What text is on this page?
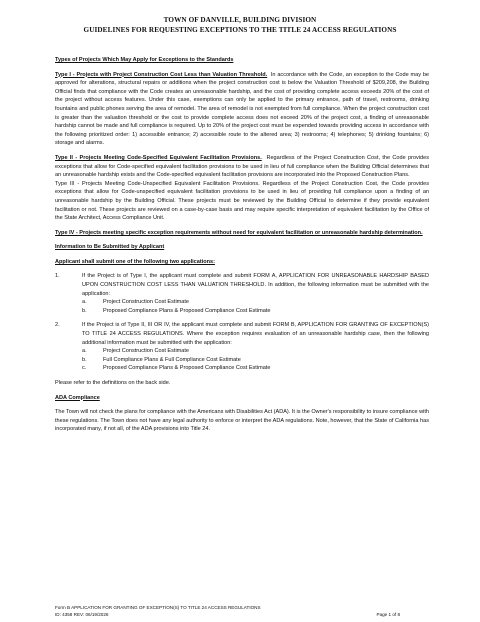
TOWN OF DANVILLE, BUILDING DIVISION
GUIDELINES FOR REQUESTING EXCEPTIONS TO THE TITLE 24 ACCESS REGULATIONS

Types of Projects Which May Apply for Exceptions to the Standards

Type I - Projects with Project Construction Cost Less than Valuation Threshold. In accordance with the Code, an exception to the Code may be approved for alterations, structural repairs or additions when the project construction cost is below the Valuation Threshold of $209,208, the Building Official finds that compliance with the Code creates an unreasonable hardship, and the cost of providing complete access exceeds 20% of the cost of the project without access features. Under this case, exemptions can only be applied to the primary entrance, path of travel, restrooms, drinking fountains and public phones serving the area of remodel. The area of remodel is not exempted from full compliance. When the project construction cost is greater than the valuation threshold or the cost to provide complete access does not exceed 20% of the project cost, a finding of unreasonable hardship cannot be made and full compliance is required. Up to 20% of the project cost must be expended towards providing access in accordance with the following prioritized order: 1) accessible entrance; 2) accessible route to the altered area; 3) restrooms; 4) telephones; 5) drinking fountains; 6) storage and alarms.

Type II - Projects Meeting Code-Specified Equivalent Facilitation Provisions. Regardless of the Project Construction Cost, the Code provides exceptions that allow for Code-specified equivalent facilitation provisions to be used in lieu of full compliance when the Building Official determines that an unreasonable hardship exists and the Code-specified equivalent facilitation provisions are incorporated into the Proposed Construction Plans.

Type III - Projects Meeting Code-Unspecified Equivalent Facilitation Provisions. Regardless of the Project Construction Cost, the Code provides exceptions that allow for Code-unspecified equivalent facilitation provisions to be used in lieu of providing full compliance upon a finding of an unreasonable hardship by the Building Official. These projects must be reviewed by the Building Official to determine if they provide equivalent facilitation or not. These projects are reviewed on a case-by-case basis and may require specific interpretation of equivalent facilitation by the Office of the State Architect, Access Compliance Unit.

Type IV - Projects meeting specific exception requirements without need for equivalent facilitation or unreasonable hardship determination.

Information to Be Submitted by Applicant

Applicant shall submit one of the following two applications:

1.	If the Project is of Type I, the applicant must complete and submit FORM A, APPLICATION FOR UNREASONABLE HARDSHIP BASED UPON CONSTRUCTION COST LESS THAN VALUATION THRESHOLD. In addition, the following information must be submitted with the application:

a.	Project Construction Cost Estimate
b.	Proposed Compliance Plans & Proposed Compliance Cost Estimate
2.	If the Project is of Type II, III OR IV, the applicant must complete and submit FORM B, APPLICATION FOR GRANTING OF EXCEPTION(S) TO TITLE 24 ACCESS REGULATIONS. Where the exception requires evaluation of an unreasonable hardship case, then the following additional information must be submitted with the application:

a.	Project Construction Cost Estimate
b.	Full Compliance Plans & Full Compliance Cost Estimate
c.	Proposed Compliance Plans & Proposed Compliance Cost Estimate

Please refer to the definitions on the back side.

ADA Compliance

The Town will not check the plans for compliance with the Americans with Disabilities Act (ADA). It is the Owner's responsibility to insure compliance with these regulations. The Town does not have any legal authority to enforce or interpret the ADA regulations. Note, however, that the State of California has incorporated many, if not all, of the ADA provisions into Title 24.

Form B APPLICATION FOR GRANTING OF EXCEPTION(S) TO TITLE 24 ACCESS REGULATIONS
ID: 4358 REV: 06/19/2026	Page 1 of 8
